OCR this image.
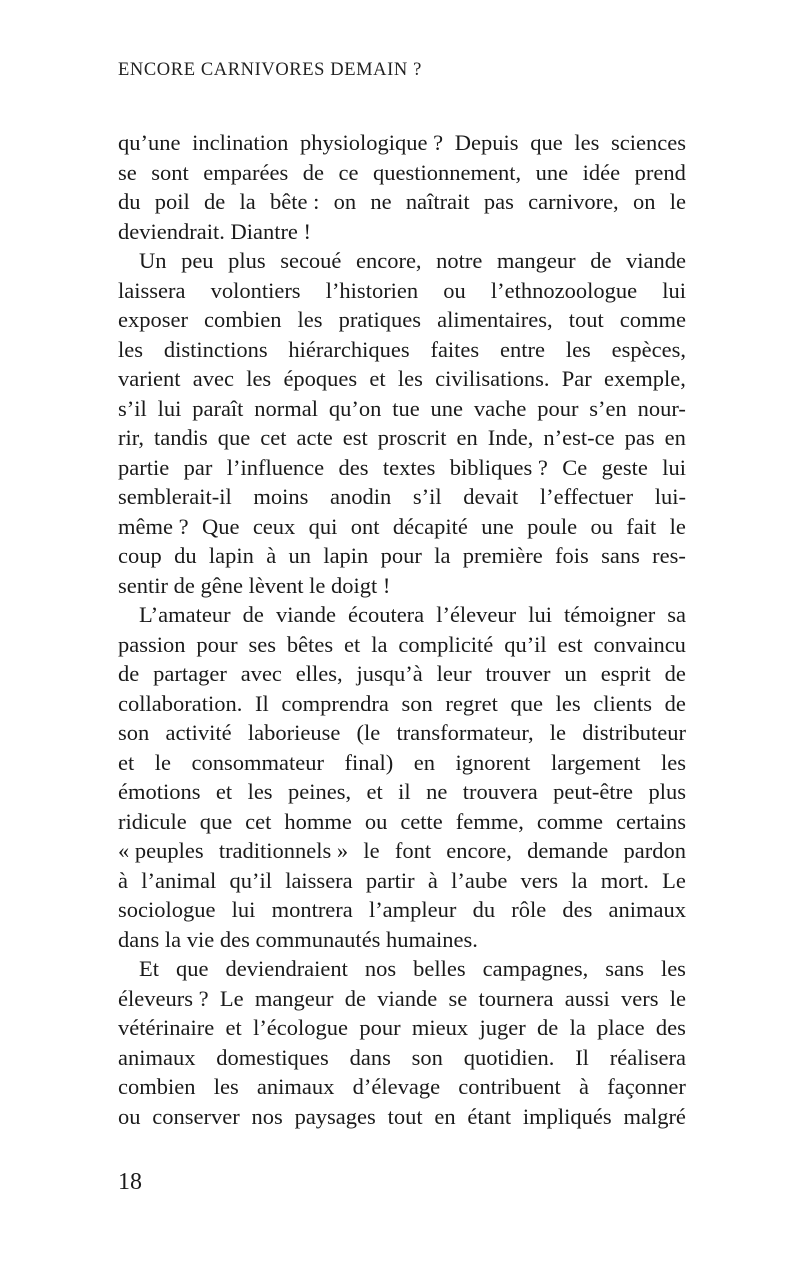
ENCORE CARNIVORES DEMAIN ?
qu’une inclination physiologique ? Depuis que les sciences
se sont emparées de ce questionnement, une idée prend
du poil de la bête : on ne naîtrait pas carnivore, on le
deviendrait. Diantre !
Un peu plus secoué encore, notre mangeur de viande
laissera volontiers l’historien ou l’ethnozoologue lui
exposer combien les pratiques alimentaires, tout comme
les distinctions hiérarchiques faites entre les espèces,
varient avec les époques et les civilisations. Par exemple,
s’il lui paraît normal qu’on tue une vache pour s’en nour-
rir, tandis que cet acte est proscrit en Inde, n’est-ce pas en
partie par l’influence des textes bibliques ? Ce geste lui
semblerait-il moins anodin s’il devait l’effectuer lui-
même ? Que ceux qui ont décapité une poule ou fait le
coup du lapin à un lapin pour la première fois sans res-
sentir de gêne lèvent le doigt !
L’amateur de viande écoutera l’éleveur lui témoigner sa
passion pour ses bêtes et la complicité qu’il est convaincu
de partager avec elles, jusqu’à leur trouver un esprit de
collaboration. Il comprendra son regret que les clients de
son activité laborieuse (le transformateur, le distributeur
et le consommateur final) en ignorent largement les
émotions et les peines, et il ne trouvera peut-être plus
ridicule que cet homme ou cette femme, comme certains
« peuples traditionnels » le font encore, demande pardon
à l’animal qu’il laissera partir à l’aube vers la mort. Le
sociologue lui montrera l’ampleur du rôle des animaux
dans la vie des communautés humaines.
Et que deviendraient nos belles campagnes, sans les
éleveurs ? Le mangeur de viande se tournera aussi vers le
vétérinaire et l’écologue pour mieux juger de la place des
animaux domestiques dans son quotidien. Il réalisera
combien les animaux d’élevage contribuent à façonner
ou conserver nos paysages tout en étant impliqués malgré
18
